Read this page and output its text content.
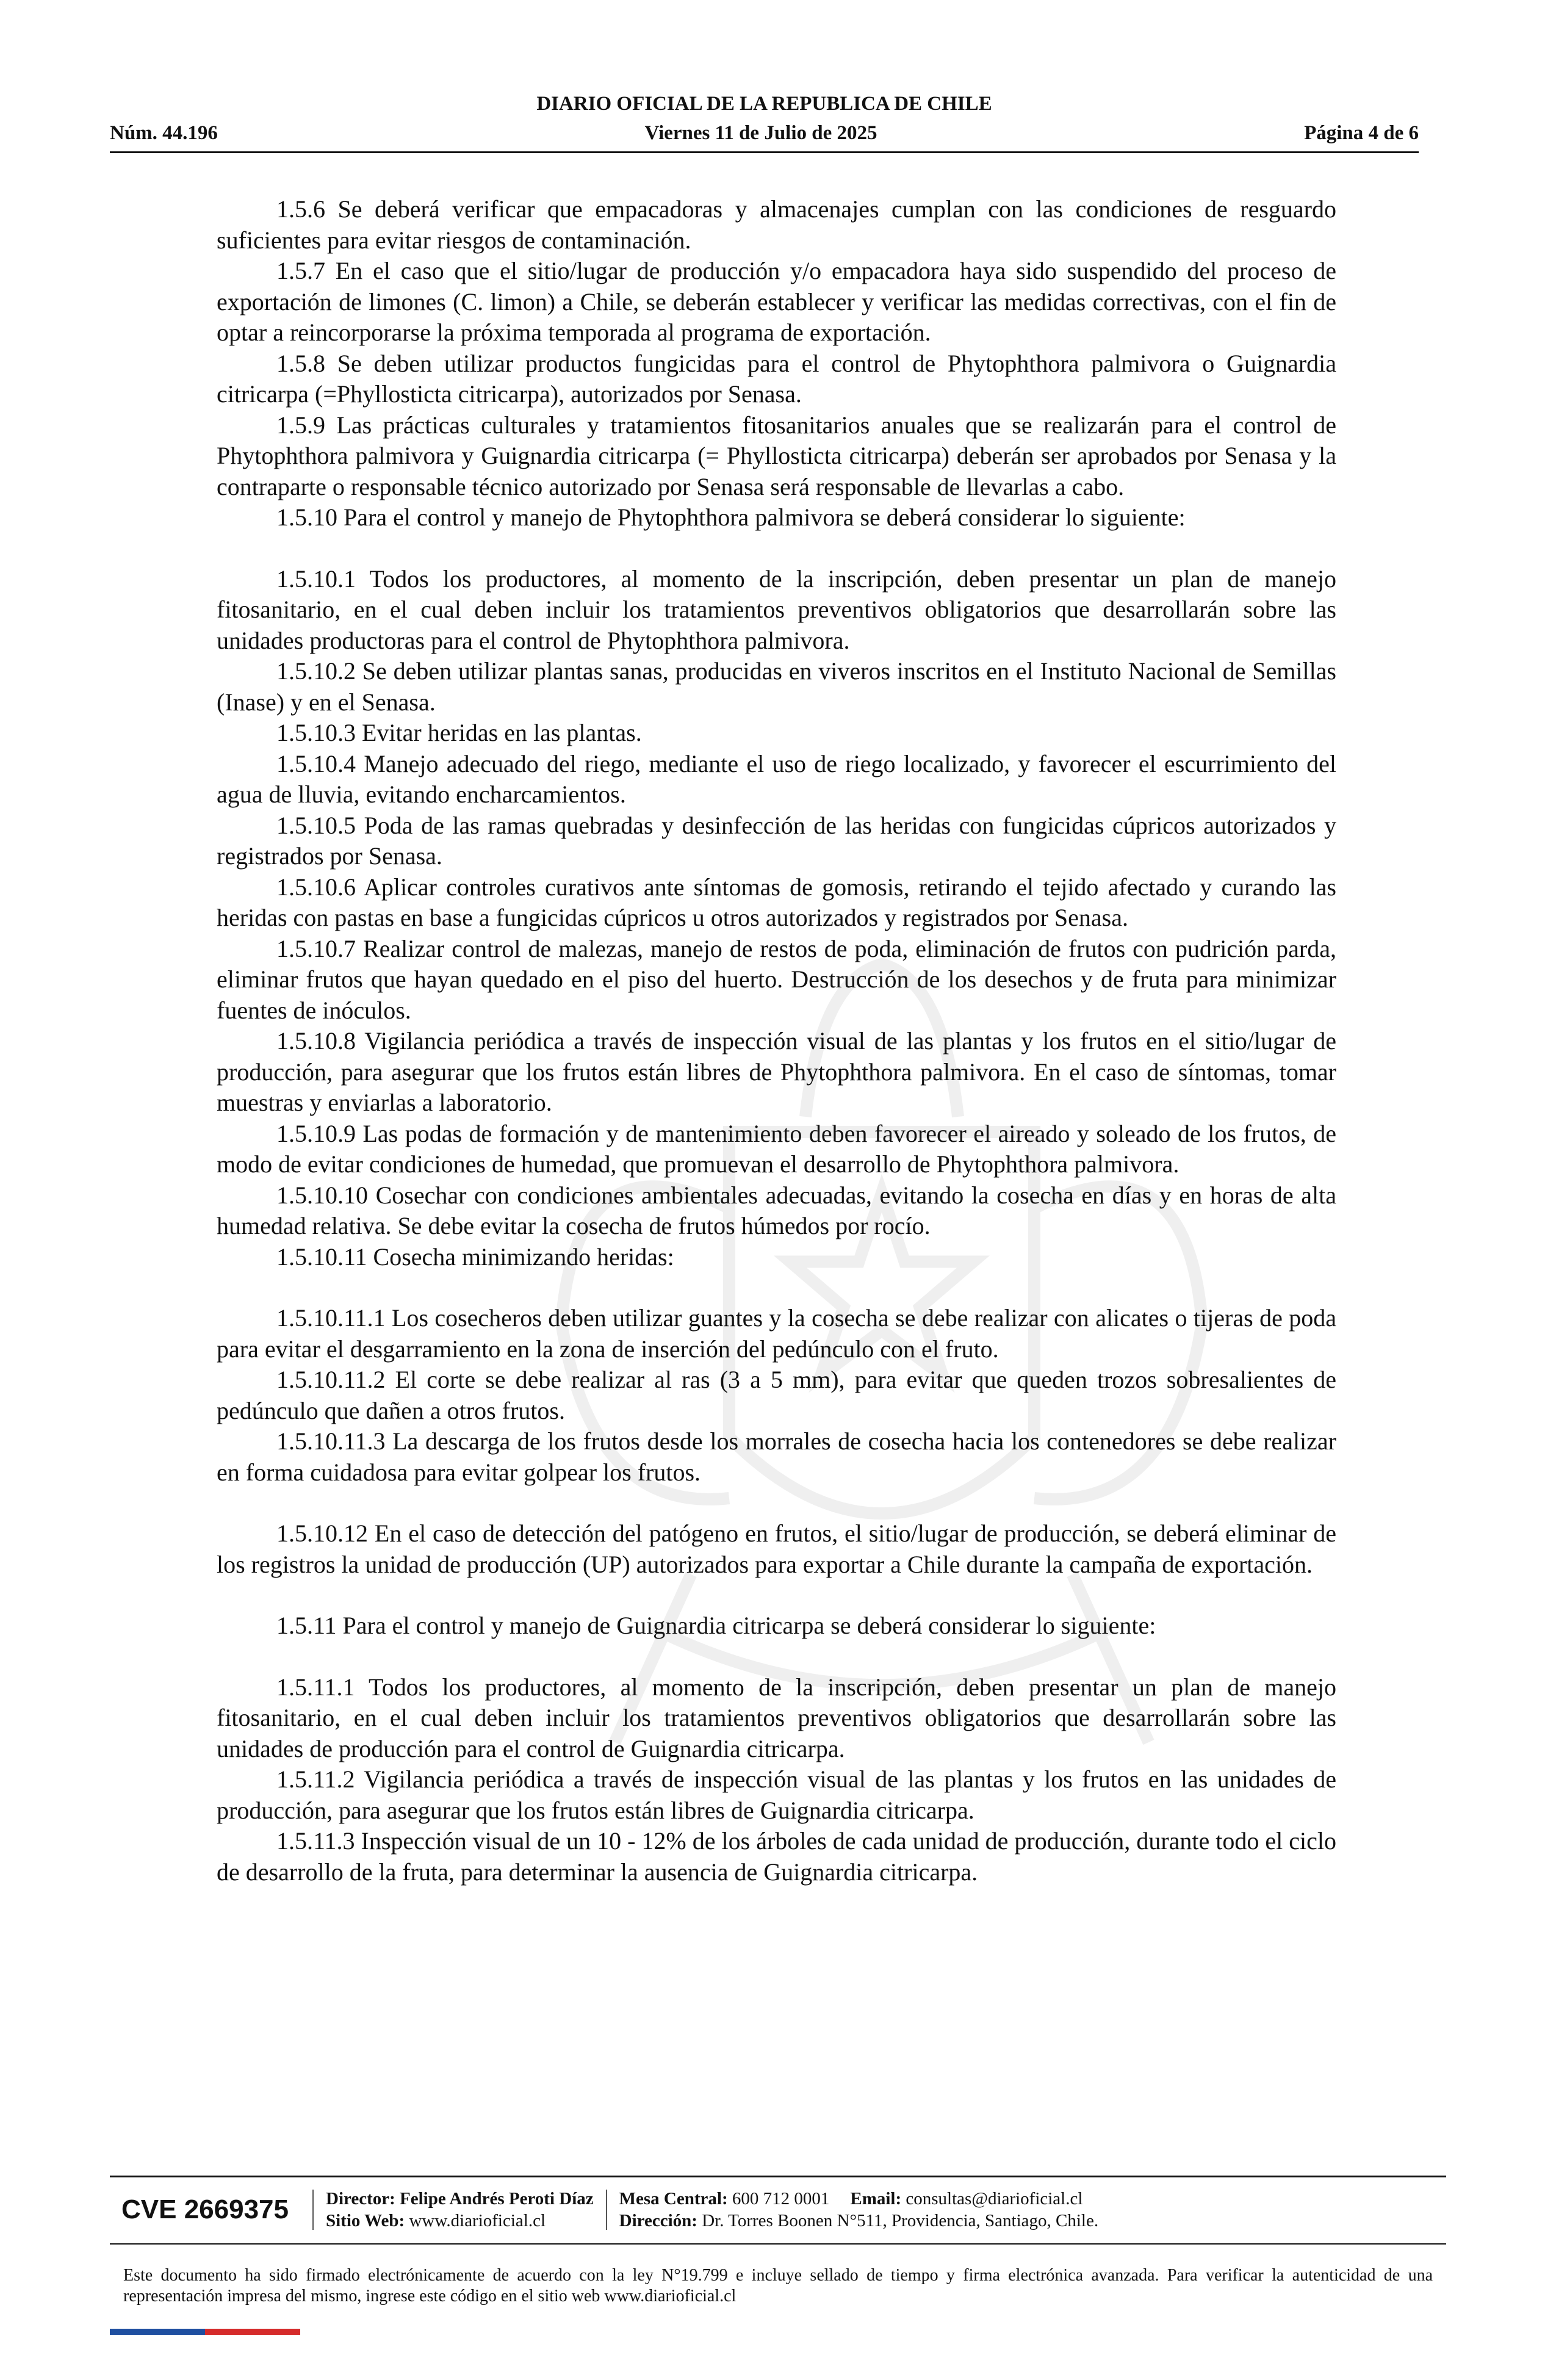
DIARIO OFICIAL DE LA REPUBLICA DE CHILE
Núm. 44.196	Viernes 11 de Julio de 2025	Página 4 de 6

1.5.6 Se deberá verificar que empacadoras y almacenajes cumplan con las condiciones de resguardo suficientes para evitar riesgos de contaminación.

1.5.7 En el caso que el sitio/lugar de producción y/o empacadora haya sido suspendido del proceso de exportación de limones (C. limon) a Chile, se deberán establecer y verificar las medidas correctivas, con el fin de optar a reincorporarse la próxima temporada al programa de exportación.

1.5.8 Se deben utilizar productos fungicidas para el control de Phytophthora palmivora o Guignardia citricarpa (=Phyllosticta citricarpa), autorizados por Senasa.

1.5.9 Las prácticas culturales y tratamientos fitosanitarios anuales que se realizarán para el control de Phytophthora palmivora y Guignardia citricarpa (= Phyllosticta citricarpa) deberán ser aprobados por Senasa y la contraparte o responsable técnico autorizado por Senasa será responsable de llevarlas a cabo.

1.5.10 Para el control y manejo de Phytophthora palmivora se deberá considerar lo siguiente:

1.5.10.1 Todos los productores, al momento de la inscripción, deben presentar un plan de manejo fitosanitario, en el cual deben incluir los tratamientos preventivos obligatorios que desarrollarán sobre las unidades productoras para el control de Phytophthora palmivora.

1.5.10.2 Se deben utilizar plantas sanas, producidas en viveros inscritos en el Instituto Nacional de Semillas (Inase) y en el Senasa.

1.5.10.3 Evitar heridas en las plantas.

1.5.10.4 Manejo adecuado del riego, mediante el uso de riego localizado, y favorecer el escurrimiento del agua de lluvia, evitando encharcamientos.

1.5.10.5 Poda de las ramas quebradas y desinfección de las heridas con fungicidas cúpricos autorizados y registrados por Senasa.

1.5.10.6 Aplicar controles curativos ante síntomas de gomosis, retirando el tejido afectado y curando las heridas con pastas en base a fungicidas cúpricos u otros autorizados y registrados por Senasa.

1.5.10.7 Realizar control de malezas, manejo de restos de poda, eliminación de frutos con pudrición parda, eliminar frutos que hayan quedado en el piso del huerto. Destrucción de los desechos y de fruta para minimizar fuentes de inóculos.

1.5.10.8 Vigilancia periódica a través de inspección visual de las plantas y los frutos en el sitio/lugar de producción, para asegurar que los frutos están libres de Phytophthora palmivora. En el caso de síntomas, tomar muestras y enviarlas a laboratorio.

1.5.10.9 Las podas de formación y de mantenimiento deben favorecer el aireado y soleado de los frutos, de modo de evitar condiciones de humedad, que promuevan el desarrollo de Phytophthora palmivora.

1.5.10.10 Cosechar con condiciones ambientales adecuadas, evitando la cosecha en días y en horas de alta humedad relativa. Se debe evitar la cosecha de frutos húmedos por rocío.

1.5.10.11 Cosecha minimizando heridas:

1.5.10.11.1 Los cosecheros deben utilizar guantes y la cosecha se debe realizar con alicates o tijeras de poda para evitar el desgarramiento en la zona de inserción del pedúnculo con el fruto.

1.5.10.11.2 El corte se debe realizar al ras (3 a 5 mm), para evitar que queden trozos sobresalientes de pedúnculo que dañen a otros frutos.

1.5.10.11.3 La descarga de los frutos desde los morrales de cosecha hacia los contenedores se debe realizar en forma cuidadosa para evitar golpear los frutos.

1.5.10.12 En el caso de detección del patógeno en frutos, el sitio/lugar de producción, se deberá eliminar de los registros la unidad de producción (UP) autorizados para exportar a Chile durante la campaña de exportación.

1.5.11 Para el control y manejo de Guignardia citricarpa se deberá considerar lo siguiente:

1.5.11.1 Todos los productores, al momento de la inscripción, deben presentar un plan de manejo fitosanitario, en el cual deben incluir los tratamientos preventivos obligatorios que desarrollarán sobre las unidades de producción para el control de Guignardia citricarpa.

1.5.11.2 Vigilancia periódica a través de inspección visual de las plantas y los frutos en las unidades de producción, para asegurar que los frutos están libres de Guignardia citricarpa.

1.5.11.3 Inspección visual de un 10 - 12% de los árboles de cada unidad de producción, durante todo el ciclo de desarrollo de la fruta, para determinar la ausencia de Guignardia citricarpa.

CVE 2669375	Director: Felipe Andrés Peroti Díaz
Sitio Web: www.diarioficial.cl
Mesa Central: 600 712 0001 Email: consultas@diarioficial.cl
Dirección: Dr. Torres Boonen N°511, Providencia, Santiago, Chile.
Este documento ha sido firmado electrónicamente de acuerdo con la ley N°19.799 e incluye sellado de tiempo y firma electrónica avanzada. Para verificar la autenticidad de una representación impresa del mismo, ingrese este código en el sitio web www.diarioficial.cl
